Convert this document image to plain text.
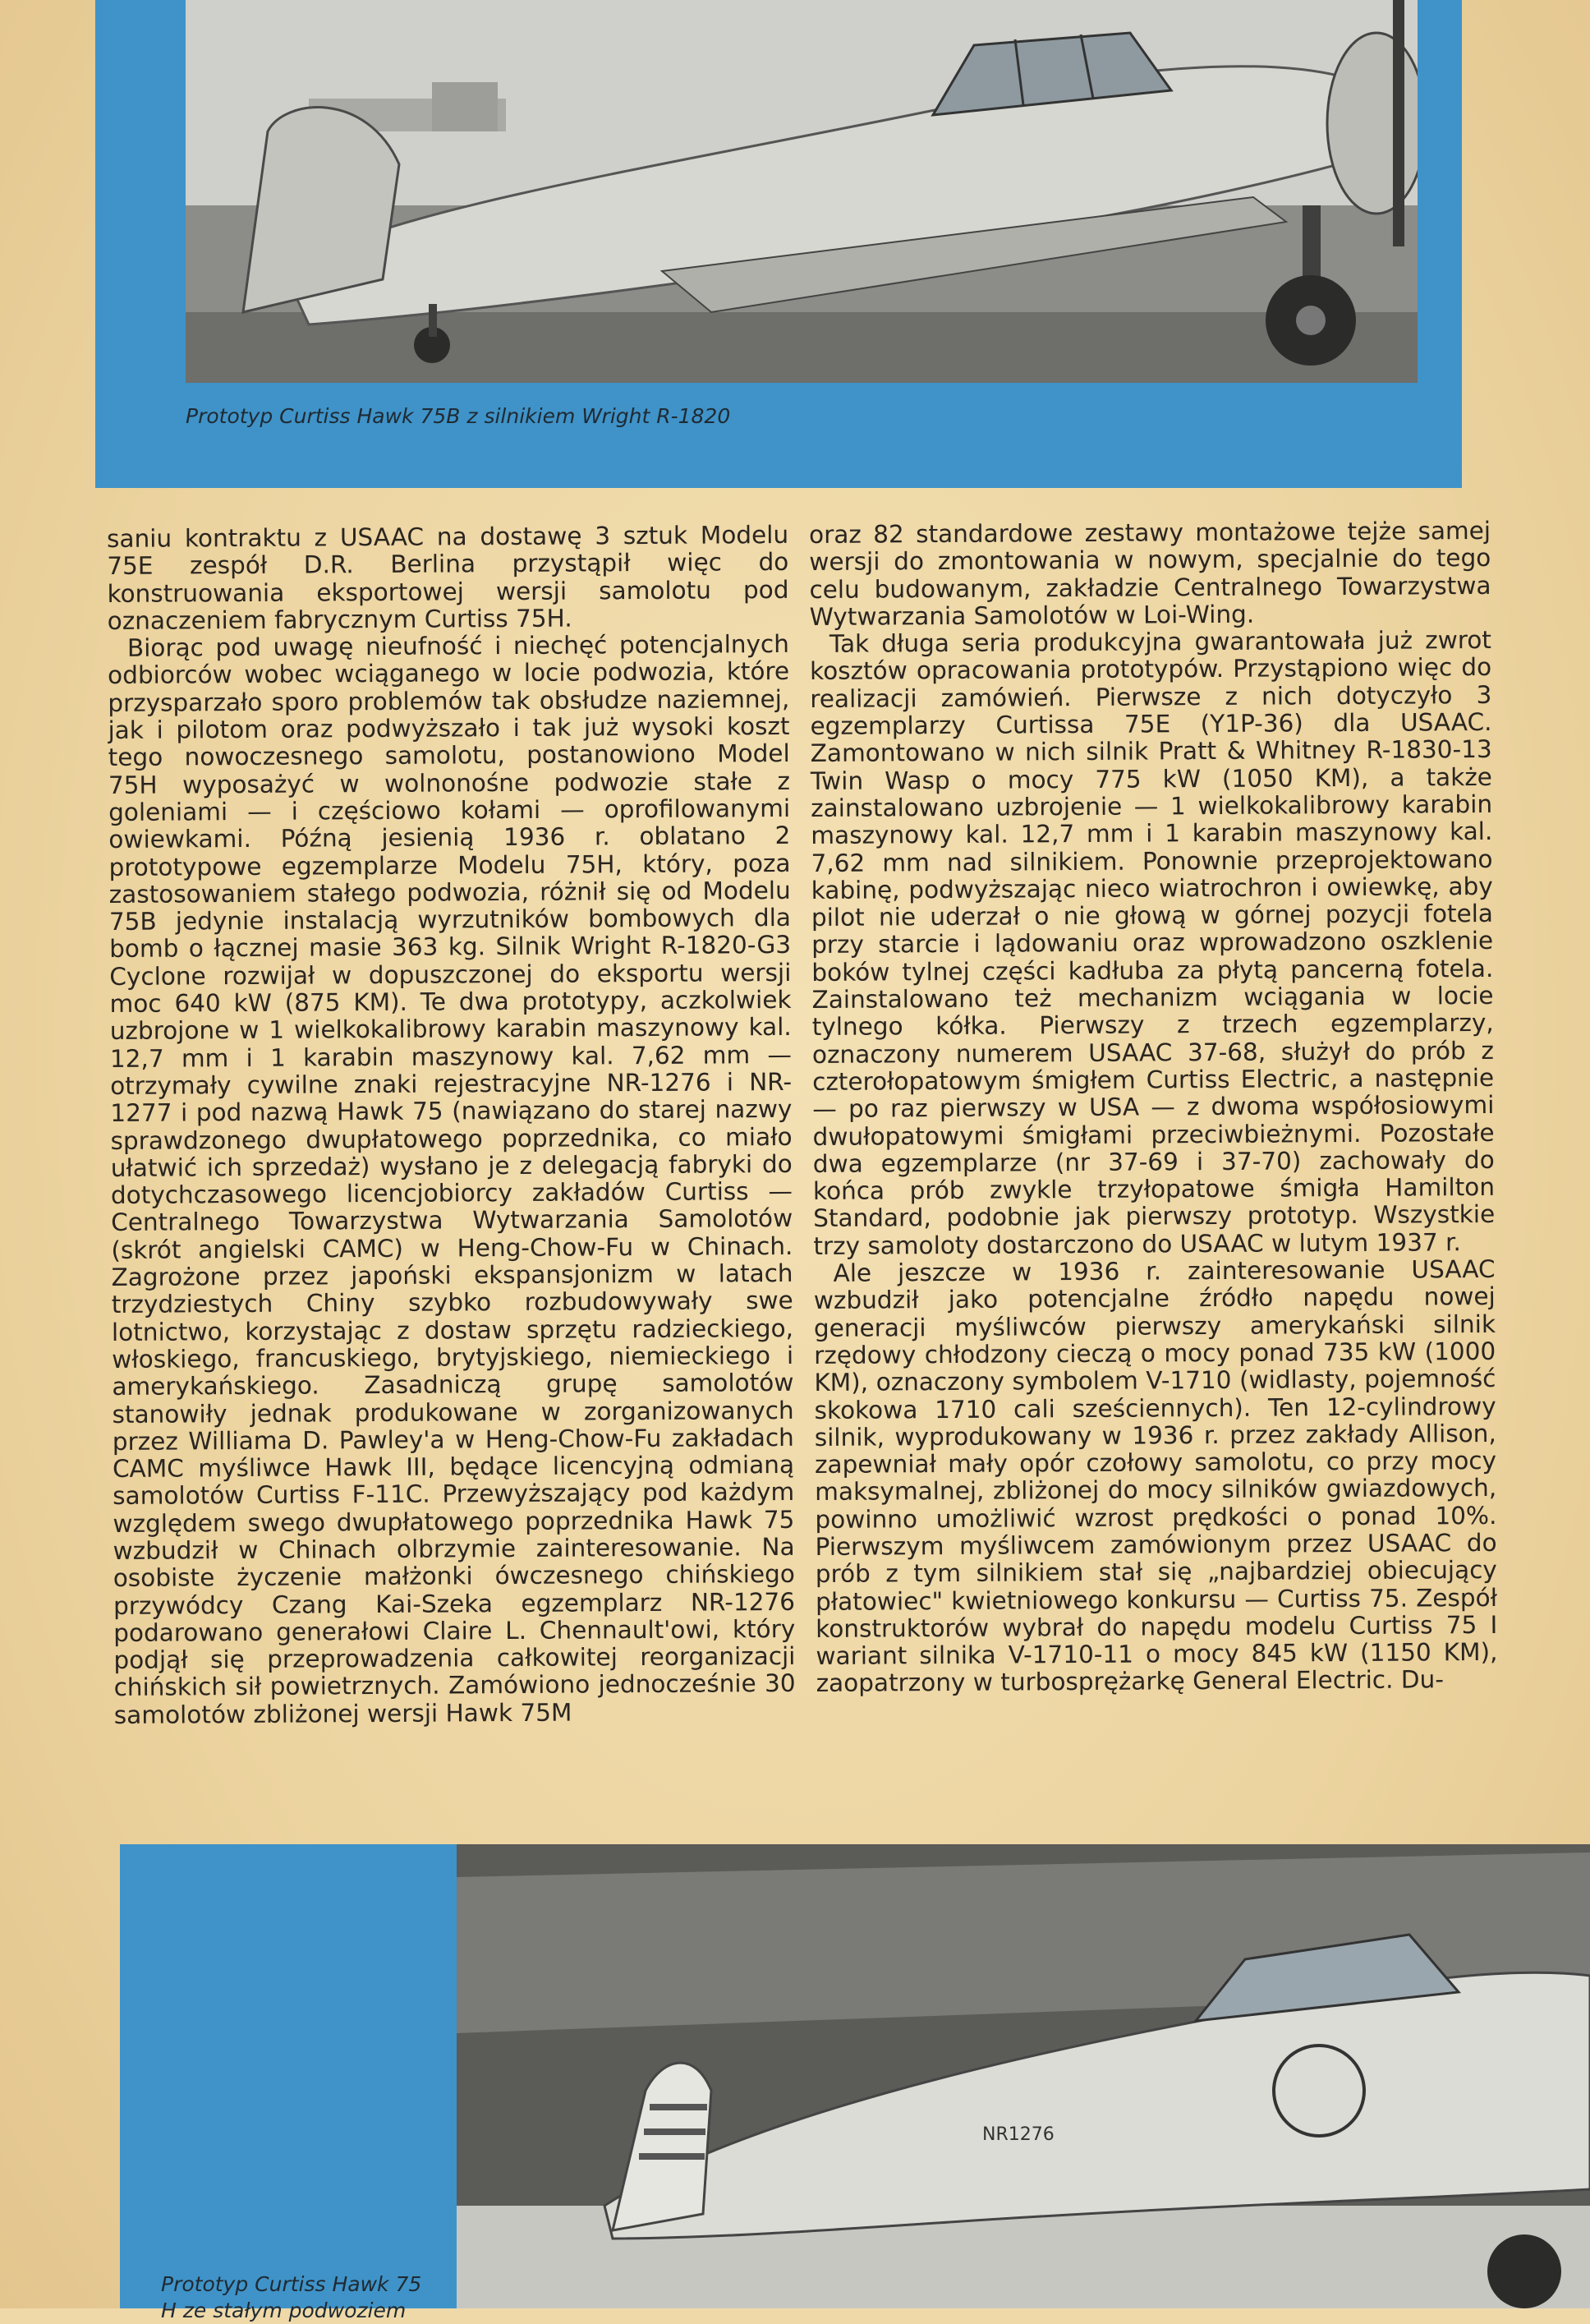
Prototyp Curtiss Hawk 75B z silnikiem Wright R-1820

saniu kontraktu z USAAC na dostawę 3 sztuk Modelu 75E zespół D.R. Berlina przystąpił więc do konstruowania eksportowej wersji samolotu pod oznaczeniem fabrycznym Curtiss 75H.

Biorąc pod uwagę nieufność i niechęć potencjalnych odbiorców wobec wciąganego w locie podwozia, które przysparzało sporo problemów tak obsłudze naziemnej, jak i pilotom oraz podwyższało i tak już wysoki koszt tego nowoczesnego samolotu, postanowiono Model 75H wyposażyć w wolnonośne podwozie stałe z goleniami — i częściowo kołami — oprofilowanymi owiewkami. Późną jesienią 1936 r. oblatano 2 prototypowe egzemplarze Modelu 75H, który, poza zastosowaniem stałego podwozia, różnił się od Modelu 75B jedynie instalacją wyrzutników bombowych dla bomb o łącznej masie 363 kg. Silnik Wright R-1820-G3 Cyclone rozwijał w dopuszczonej do eksportu wersji moc 640 kW (875 KM). Te dwa prototypy, aczkolwiek uzbrojone w 1 wielkokalibrowy karabin maszynowy kal. 12,7 mm i 1 karabin maszynowy kal. 7,62 mm — otrzymały cywilne znaki rejestracyjne NR-1276 i NR-1277 i pod nazwą Hawk 75 (nawiązano do starej nazwy sprawdzonego dwupłatowego poprzednika, co miało ułatwić ich sprzedaż) wysłano je z delegacją fabryki do dotychczasowego licencjobiorcy zakładów Curtiss — Centralnego Towarzystwa Wytwarzania Samolotów (skrót angielski CAMC) w Heng-Chow-Fu w Chinach. Zagrożone przez japoński ekspansjonizm w latach trzydziestych Chiny szybko rozbudowywały swe lotnictwo, korzystając z dostaw sprzętu radzieckiego, włoskiego, francuskiego, brytyjskiego, niemieckiego i amerykańskiego. Zasadniczą grupę samolotów stanowiły jednak produkowane w zorganizowanych przez Williama D. Pawley'a w Heng-Chow-Fu zakładach CAMC myśliwce Hawk III, będące licencyjną odmianą samolotów Curtiss F-11C. Przewyższający pod każdym względem swego dwupłatowego poprzednika Hawk 75 wzbudził w Chinach olbrzymie zainteresowanie. Na osobiste życzenie małżonki ówczesnego chińskiego przywódcy Czang Kai-Szeka egzemplarz NR-1276 podarowano generałowi Claire L. Chennault'owi, który podjął się przeprowadzenia całkowitej reorganizacji chińskich sił powietrznych. Zamówiono jednocześnie 30 samolotów zbliżonej wersji Hawk 75M

oraz 82 standardowe zestawy montażowe tejże samej wersji do zmontowania w nowym, specjalnie do tego celu budowanym, zakładzie Centralnego Towarzystwa Wytwarzania Samolotów w Loi-Wing.

Tak długa seria produkcyjna gwarantowała już zwrot kosztów opracowania prototypów. Przystąpiono więc do realizacji zamówień. Pierwsze z nich dotyczyło 3 egzemplarzy Curtissa 75E (Y1P-36) dla USAAC. Zamontowano w nich silnik Pratt & Whitney R-1830-13 Twin Wasp o mocy 775 kW (1050 KM), a także zainstalowano uzbrojenie — 1 wielkokalibrowy karabin maszynowy kal. 12,7 mm i 1 karabin maszynowy kal. 7,62 mm nad silnikiem. Ponownie przeprojektowano kabinę, podwyższając nieco wiatrochron i owiewkę, aby pilot nie uderzał o nie głową w górnej pozycji fotela przy starcie i lądowaniu oraz wprowadzono oszklenie boków tylnej części kadłuba za płytą pancerną fotela. Zainstalowano też mechanizm wciągania w locie tylnego kółka. Pierwszy z trzech egzemplarzy, oznaczony numerem USAAC 37-68, służył do prób z czterołopatowym śmigłem Curtiss Electric, a następnie — po raz pierwszy w USA — z dwoma współosiowymi dwułopatowymi śmigłami przeciwbieżnymi. Pozostałe dwa egzemplarze (nr 37-69 i 37-70) zachowały do końca prób zwykle trzyłopatowe śmigła Hamilton Standard, podobnie jak pierwszy prototyp. Wszystkie trzy samoloty dostarczono do USAAC w lutym 1937 r.

Ale jeszcze w 1936 r. zainteresowanie USAAC wzbudził jako potencjalne źródło napędu nowej generacji myśliwców pierwszy amerykański silnik rzędowy chłodzony cieczą o mocy ponad 735 kW (1000 KM), oznaczony symbolem V-1710 (widlasty, pojemność skokowa 1710 cali sześciennych). Ten 12-cylindrowy silnik, wyprodukowany w 1936 r. przez zakłady Allison, zapewniał mały opór czołowy samolotu, co przy mocy maksymalnej, zbliżonej do mocy silników gwiazdowych, powinno umożliwić wzrost prędkości o ponad 10%. Pierwszym myśliwcem zamówionym przez USAAC do prób z tym silnikiem stał się „najbardziej obiecujący płatowiec" kwietniowego konkursu — Curtiss 75. Zespół konstruktorów wybrał do napędu modelu Curtiss 75 I wariant silnika V-1710-11 o mocy 845 kW (1150 KM), zaopatrzony w turbosprężarkę General Electric. Du-

Prototyp Curtiss Hawk 75 H ze stałym podwoziem
NR1276
